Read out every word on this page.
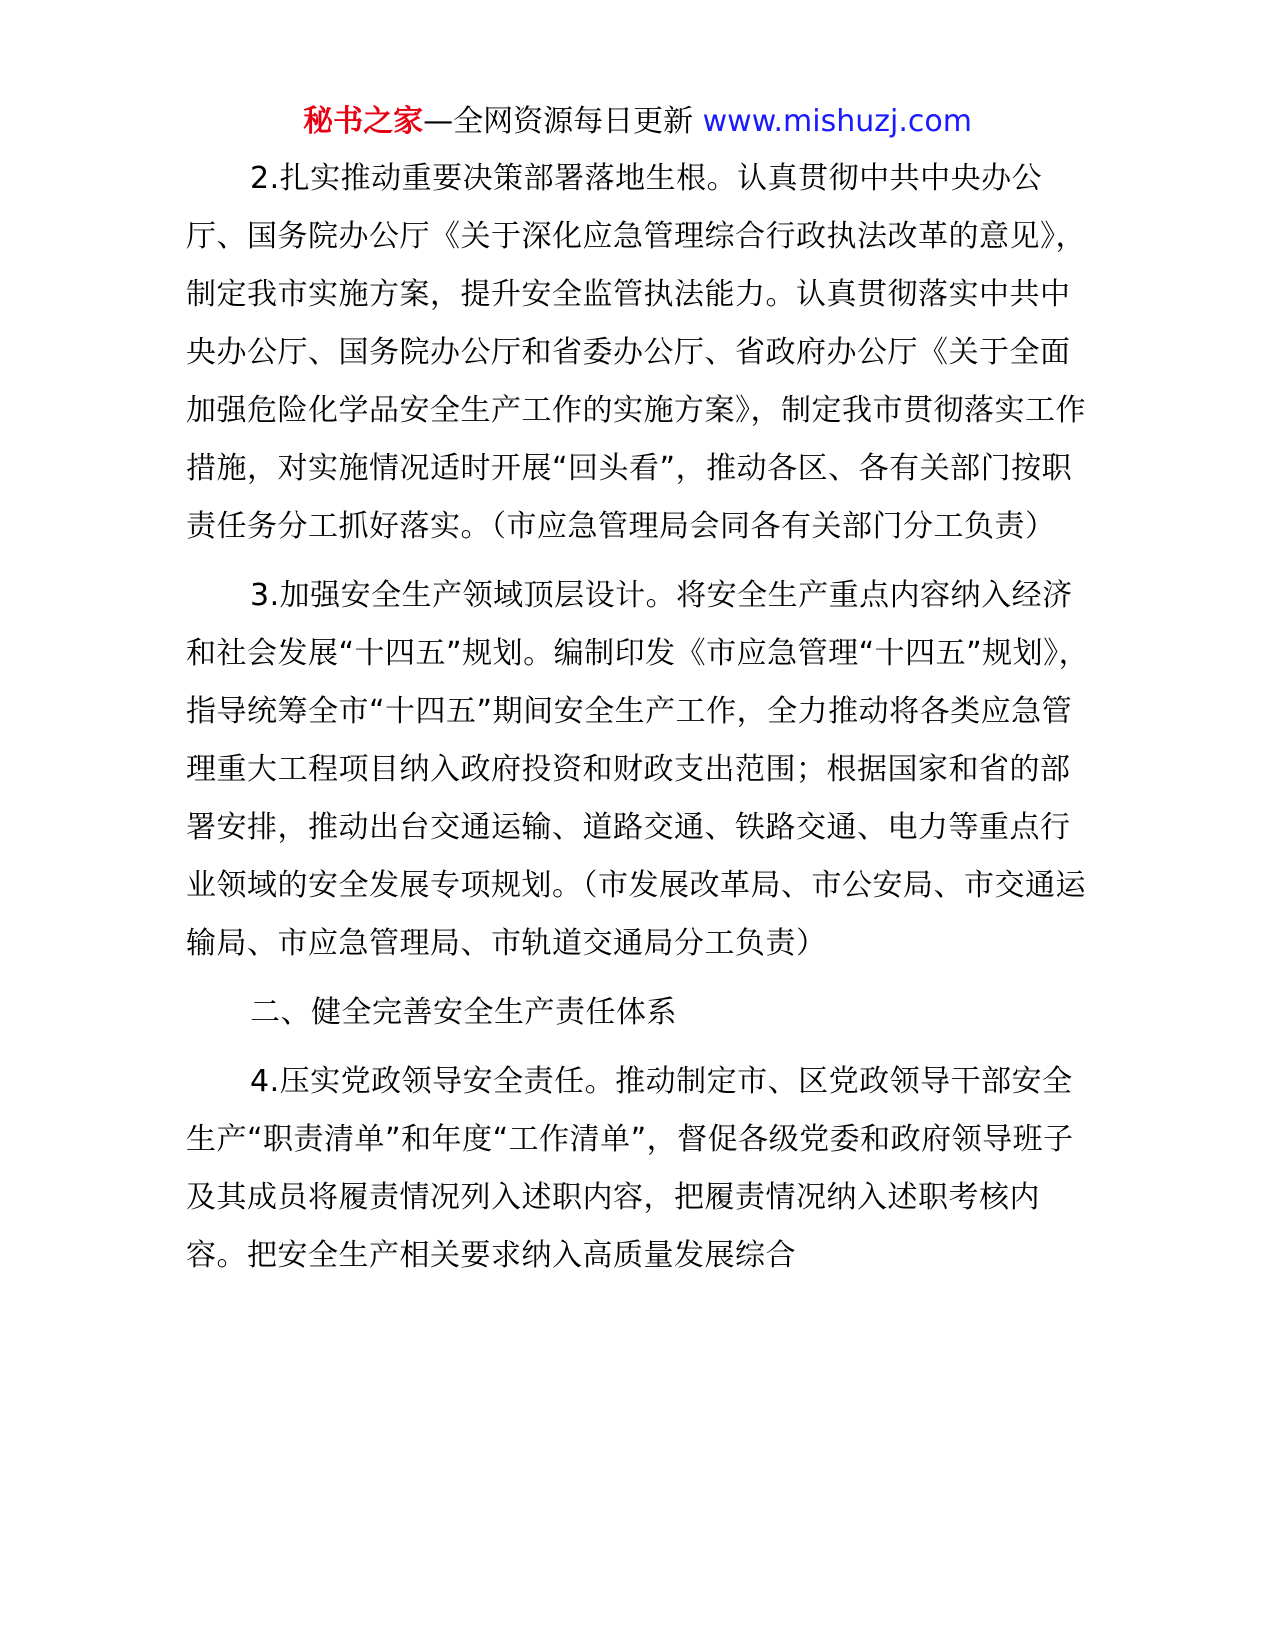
秘书之家—全网资源每日更新 www.mishuzj.com

2.扎实推动重要决策部署落地生根。认真贯彻中共中央办公厅、国务院办公厅《关于深化应急管理综合行政执法改革的意见》，制定我市实施方案，提升安全监管执法能力。认真贯彻落实中共中央办公厅、国务院办公厅和省委办公厅、省政府办公厅《关于全面加强危险化学品安全生产工作的实施方案》，制定我市贯彻落实工作措施，对实施情况适时开展“回头看”，推动各区、各有关部门按职责任务分工抓好落实。（市应急管理局会同各有关部门分工负责）

3.加强安全生产领域顶层设计。将安全生产重点内容纳入经济和社会发展“十四五”规划。编制印发《市应急管理“十四五”规划》，指导统筹全市“十四五”期间安全生产工作，全力推动将各类应急管理重大工程项目纳入政府投资和财政支出范围；根据国家和省的部署安排，推动出台交通运输、道路交通、铁路交通、电力等重点行业领域的安全发展专项规划。（市发展改革局、市公安局、市交通运输局、市应急管理局、市轨道交通局分工负责）

二、健全完善安全生产责任体系

4.压实党政领导安全责任。推动制定市、区党政领导干部安全生产“职责清单”和年度“工作清单”，督促各级党委和政府领导班子及其成员将履责情况列入述职内容，把履责情况纳入述职考核内容。把安全生产相关要求纳入高质量发展综合
